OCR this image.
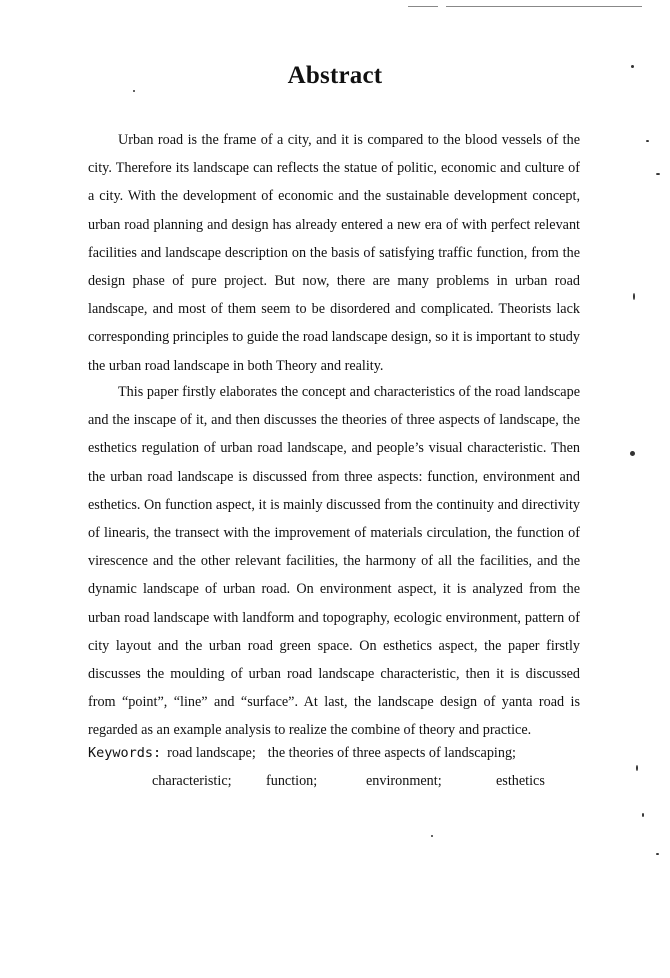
Abstract

Urban road is the frame of a city, and it is compared to the blood vessels of the city. Therefore its landscape can reflects the statue of politic, economic and culture of a city. With the development of economic and the sustainable development concept, urban road planning and design has already entered a new era of with perfect relevant facilities and landscape description on the basis of satisfying traffic function, from the design phase of pure project. But now, there are many problems in urban road landscape, and most of them seem to be disordered and complicated. Theorists lack corresponding principles to guide the road landscape design, so it is important to study the urban road landscape in both Theory and reality.

This paper firstly elaborates the concept and characteristics of the road landscape and the inscape of it, and then discusses the theories of three aspects of landscape, the esthetics regulation of urban road landscape, and people’s visual characteristic. Then the urban road landscape is discussed from three aspects: function, environment and esthetics. On function aspect, it is mainly discussed from the continuity and directivity of linearis, the transect with the improvement of materials circulation, the function of virescence and the other relevant facilities, the harmony of all the facilities, and the dynamic landscape of urban road. On environment aspect, it is analyzed from the urban road landscape with landform and topography, ecologic environment, pattern of city layout and the urban road green space. On esthetics aspect, the paper firstly discusses the moulding of urban road landscape characteristic, then it is discussed from “point”, “line” and “surface”. At last, the landscape design of yanta road is regarded as an example analysis to realize the combine of theory and practice.

Keywords: road landscape; the theories of three aspects of landscaping;
characteristic; function;	environment;	esthetics
